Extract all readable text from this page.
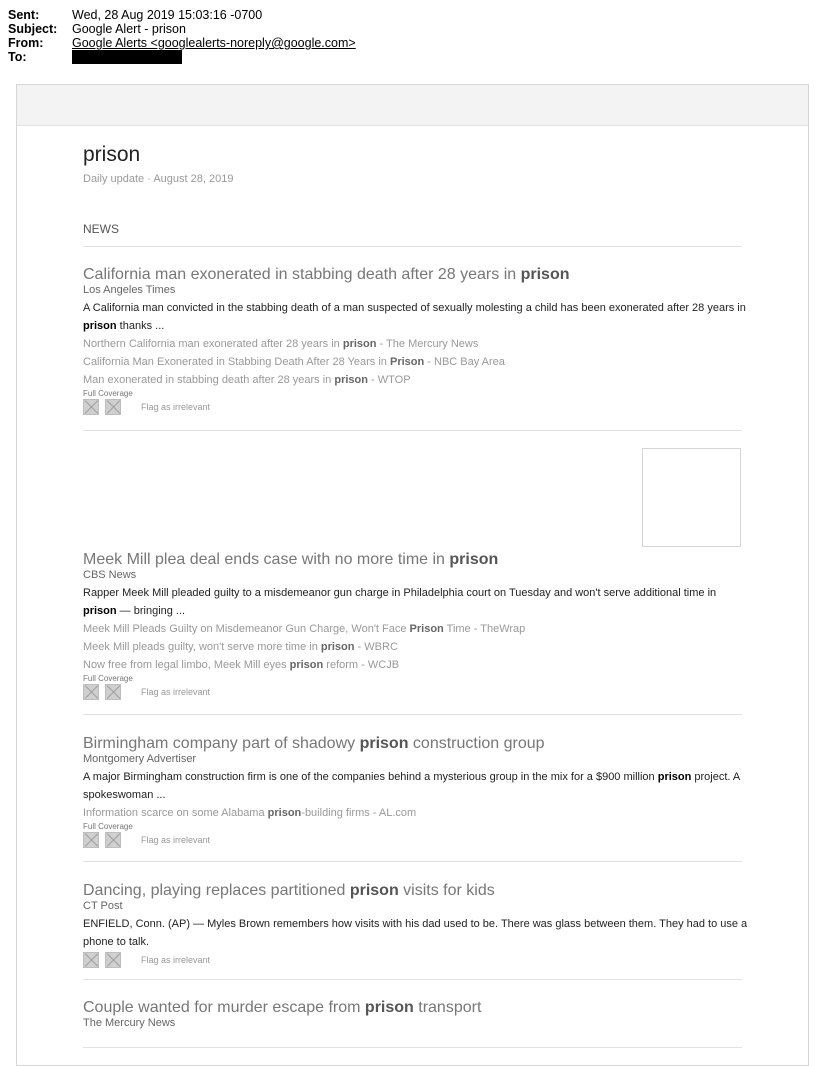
Sent:	Wed, 28 Aug 2019 15:03:16 -0700
Subject:	Google Alert - prison
From:	Google Alerts <googlealerts-noreply@google.com>
To:
prison
Daily update · August 28, 2019
NEWS
California man exonerated in stabbing death after 28 years in prison
Los Angeles Times
A California man convicted in the stabbing death of a man suspected of sexually molesting a child has been exonerated after 28 years in prison thanks ...
Northern California man exonerated after 28 years in prison - The Mercury News
California Man Exonerated in Stabbing Death After 28 Years in Prison - NBC Bay Area
Man exonerated in stabbing death after 28 years in prison - WTOP
Full Coverage
Flag as irrelevant
Meek Mill plea deal ends case with no more time in prison
CBS News
Rapper Meek Mill pleaded guilty to a misdemeanor gun charge in Philadelphia court on Tuesday and won't serve additional time in prison — bringing ...
Meek Mill Pleads Guilty on Misdemeanor Gun Charge, Won't Face Prison Time - TheWrap
Meek Mill pleads guilty, won't serve more time in prison - WBRC
Now free from legal limbo, Meek Mill eyes prison reform - WCJB
Full Coverage
Flag as irrelevant
Birmingham company part of shadowy prison construction group
Montgomery Advertiser
A major Birmingham construction firm is one of the companies behind a mysterious group in the mix for a $900 million prison project. A spokeswoman ...
Information scarce on some Alabama prison-building firms - AL.com
Full Coverage
Flag as irrelevant
Dancing, playing replaces partitioned prison visits for kids
CT Post
ENFIELD, Conn. (AP) — Myles Brown remembers how visits with his dad used to be. There was glass between them. They had to use a phone to talk.
Flag as irrelevant
Couple wanted for murder escape from prison transport
The Mercury News
